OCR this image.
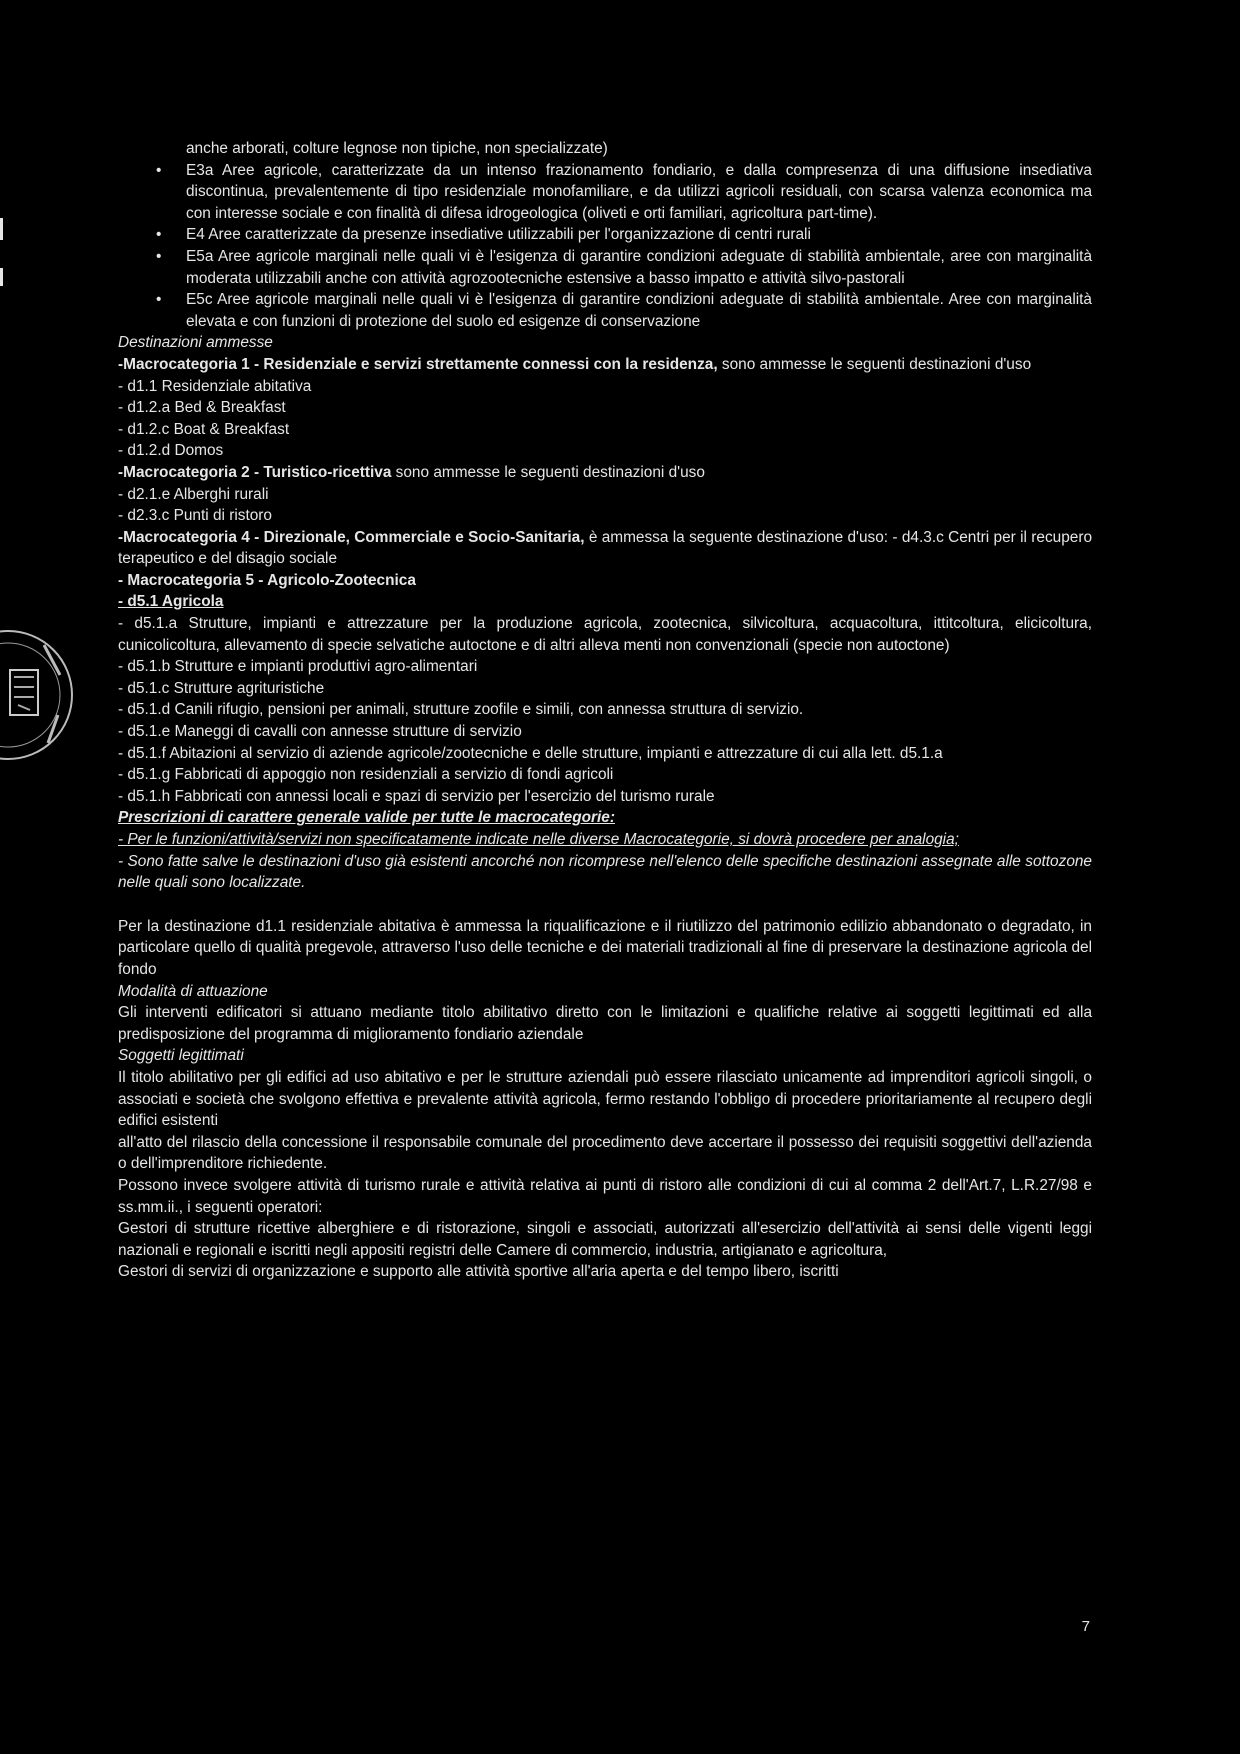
anche arborati, colture legnose non tipiche, non specializzate)

• E3a Aree agricole, caratterizzate da un intenso frazionamento fondiario, e dalla compresenza di una diffusione insediativa discontinua, prevalentemente di tipo residenziale monofamiliare, e da utilizzi agricoli residuali, con scarsa valenza economica ma con interesse sociale e con finalità di difesa idrogeologica (oliveti e orti familiari, agricoltura part-time).
• E4 Aree caratterizzate da presenze insediative utilizzabili per l'organizzazione di centri rurali
• E5a Aree agricole marginali nelle quali vi è l'esigenza di garantire condizioni adeguate di stabilità ambientale, aree con marginalità moderata utilizzabili anche con attività agrozootecniche estensive a basso impatto e attività silvo-pastorali
• E5c Aree agricole marginali nelle quali vi è l'esigenza di garantire condizioni adeguate di stabilità ambientale. Aree con marginalità elevata e con funzioni di protezione del suolo ed esigenze di conservazione

Destinazioni ammesse

-Macrocategoria 1 - Residenziale e servizi strettamente connessi con la residenza, sono ammesse le seguenti destinazioni d'uso

- d1.1 Residenziale abitativa

- d1.2.a Bed & Breakfast

- d1.2.c Boat & Breakfast

- d1.2.d Domos

-Macrocategoria 2 - Turistico-ricettiva sono ammesse le seguenti destinazioni d'uso

- d2.1.e Alberghi rurali

- d2.3.c Punti di ristoro

-Macrocategoria 4 - Direzionale, Commerciale e Socio-Sanitaria, è ammessa la seguente destinazione d'uso: - d4.3.c Centri per il recupero terapeutico e del disagio sociale

- Macrocategoria 5 - Agricolo-Zootecnica

- d5.1 Agricola

- d5.1.a Strutture, impianti e attrezzature per la produzione agricola, zootecnica, silvicoltura, acquacoltura, ittitcoltura, elicicoltura, cunicolicoltura, allevamento di specie selvatiche autoctone e di altri alleva menti non convenzionali (specie non autoctone)

- d5.1.b Strutture e impianti produttivi agro-alimentari

- d5.1.c Strutture agrituristiche

- d5.1.d Canili rifugio, pensioni per animali, strutture zoofile e simili, con annessa struttura di servizio.

- d5.1.e Maneggi di cavalli con annesse strutture di servizio

- d5.1.f Abitazioni al servizio di aziende agricole/zootecniche e delle strutture, impianti e attrezzature di cui alla lett. d5.1.a

- d5.1.g Fabbricati di appoggio non residenziali a servizio di fondi agricoli

- d5.1.h Fabbricati con annessi locali e spazi di servizio per l'esercizio del turismo rurale

Prescrizioni di carattere generale valide per tutte le macrocategorie:

- Per le funzioni/attività/servizi non specificatamente indicate nelle diverse Macrocategorie, si dovrà procedere per analogia;

- Sono fatte salve le destinazioni d'uso già esistenti ancorché non ricomprese nell'elenco delle specifiche destinazioni assegnate alle sottozone nelle quali sono localizzate.

Per la destinazione d1.1 residenziale abitativa è ammessa la riqualificazione e il riutilizzo del patrimonio edilizio abbandonato o degradato, in particolare quello di qualità pregevole, attraverso l'uso delle tecniche e dei materiali tradizionali al fine di preservare la destinazione agricola del fondo

Modalità di attuazione

Gli interventi edificatori si attuano mediante titolo abilitativo diretto con le limitazioni e qualifiche relative ai soggetti legittimati ed alla predisposizione del programma di miglioramento fondiario aziendale

Soggetti legittimati

Il titolo abilitativo per gli edifici ad uso abitativo e per le strutture aziendali può essere rilasciato unicamente ad imprenditori agricoli singoli, o associati e società che svolgono effettiva e prevalente attività agricola, fermo restando l'obbligo di procedere prioritariamente al recupero degli edifici esistenti

all'atto del rilascio della concessione il responsabile comunale del procedimento deve accertare il possesso dei requisiti soggettivi dell'azienda o dell'imprenditore richiedente.

Possono invece svolgere attività di turismo rurale e attività relativa ai punti di ristoro alle condizioni di cui al comma 2 dell'Art.7, L.R.27/98 e ss.mm.ii., i seguenti operatori:

Gestori di strutture ricettive alberghiere e di ristorazione, singoli e associati, autorizzati all'esercizio dell'attività ai sensi delle vigenti leggi nazionali e regionali e iscritti negli appositi registri delle Camere di commercio, industria, artigianato e agricoltura,

Gestori di servizi di organizzazione e supporto alle attività sportive all'aria aperta e del tempo libero, iscritti

7
